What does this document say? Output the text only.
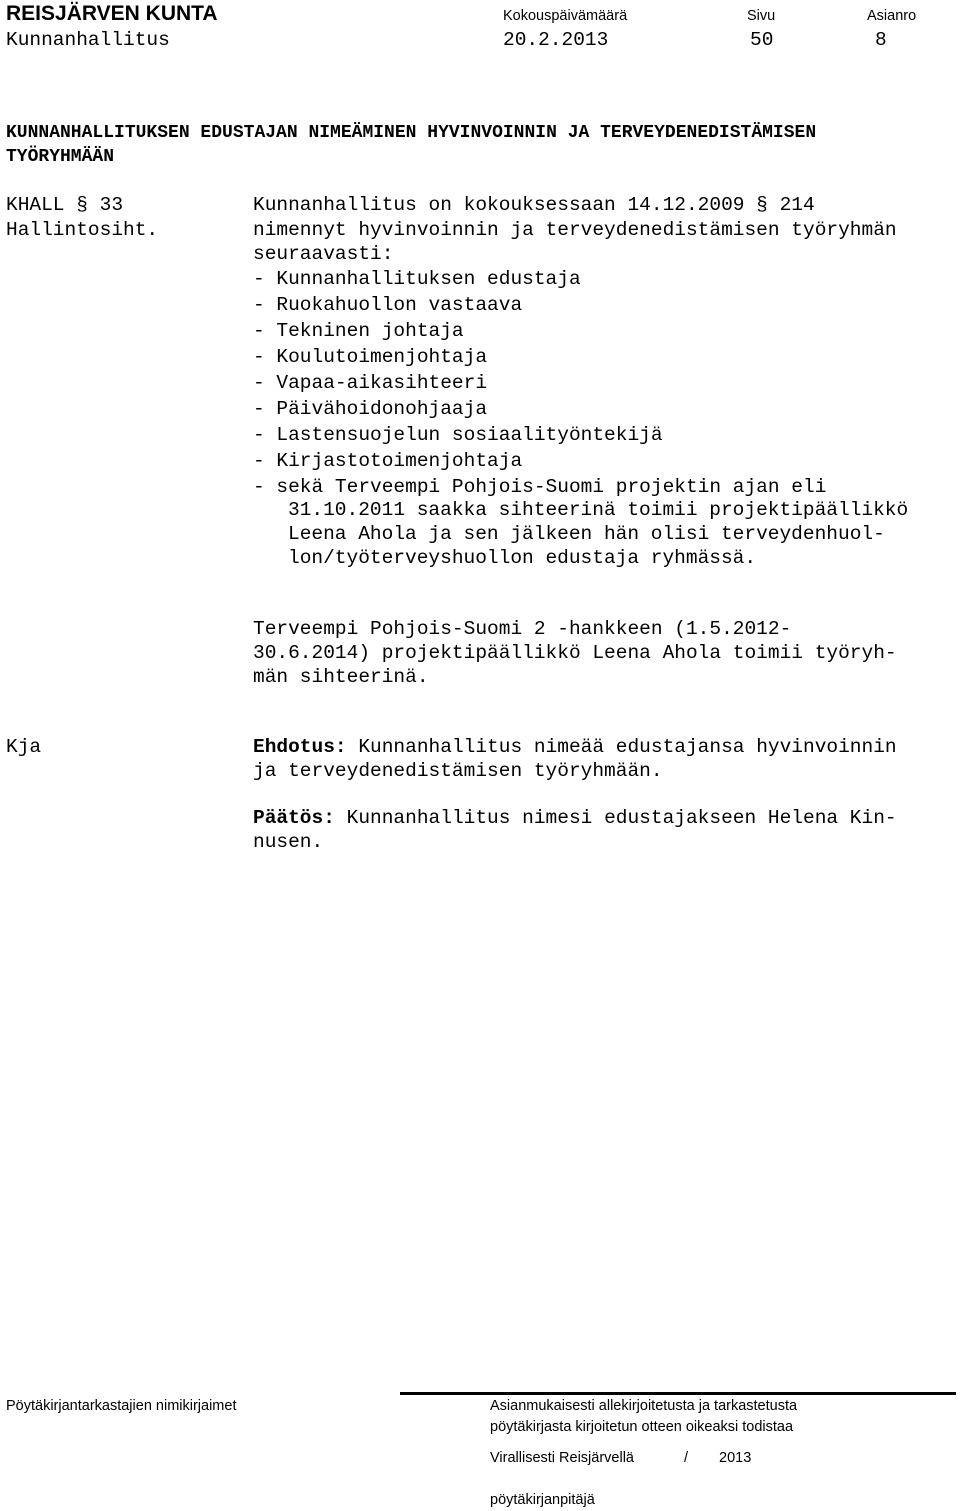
REISJÄRVEN KUNTA	Kokouspäivämäärä	Sivu	Asianro
Kunnanhallitus	20.2.2013	50	8
KUNNANHALLITUKSEN EDUSTAJAN NIMEÄMINEN HYVINVOINNIN JA TERVEYDENEDISTÄMISEN
TYÖRYHMÄÄN
KHALL § 33
Hallintosiht.
Kunnanhallitus on kokouksessaan 14.12.2009 § 214
nimennyt hyvinvoinnin ja terveydenedistämisen työryhmän
seuraavasti:
- Kunnanhallituksen edustaja
- Ruokahuollon vastaava
- Tekninen johtaja
- Koulutoimenjohtaja
- Vapaa-aikasihteeri
- Päivähoidonohjaaja
- Lastensuojelun sosiaalityöntekijä
- Kirjastotoimenjohtaja
- sekä Terveempi Pohjois-Suomi projektin ajan eli
31.10.2011 saakka sihteerinä toimii projektipäällikkö
Leena Ahola ja sen jälkeen hän olisi terveydenhuol-
lon/työterveyshuollon edustaja ryhmässä.
Terveempi Pohjois-Suomi 2 -hankkeen (1.5.2012-
30.6.2014) projektipäällikkö Leena Ahola toimii työryh-
män sihteerinä.
Kja	Ehdotus: Kunnanhallitus nimeää edustajansa hyvinvoinnin
ja terveydenedistämisen työryhmään.
Päätös: Kunnanhallitus nimesi edustajakseen Helena Kin-
nusen.
Pöytäkirjantarkastajien nimikirjaimet	Asianmukaisesti allekirjoitetusta ja tarkastetusta
pöytäkirjasta kirjoitetun otteen oikeaksi todistaa
Virallisesti Reisjärvellä	/ 2013
pöytäkirjanpitäjä
